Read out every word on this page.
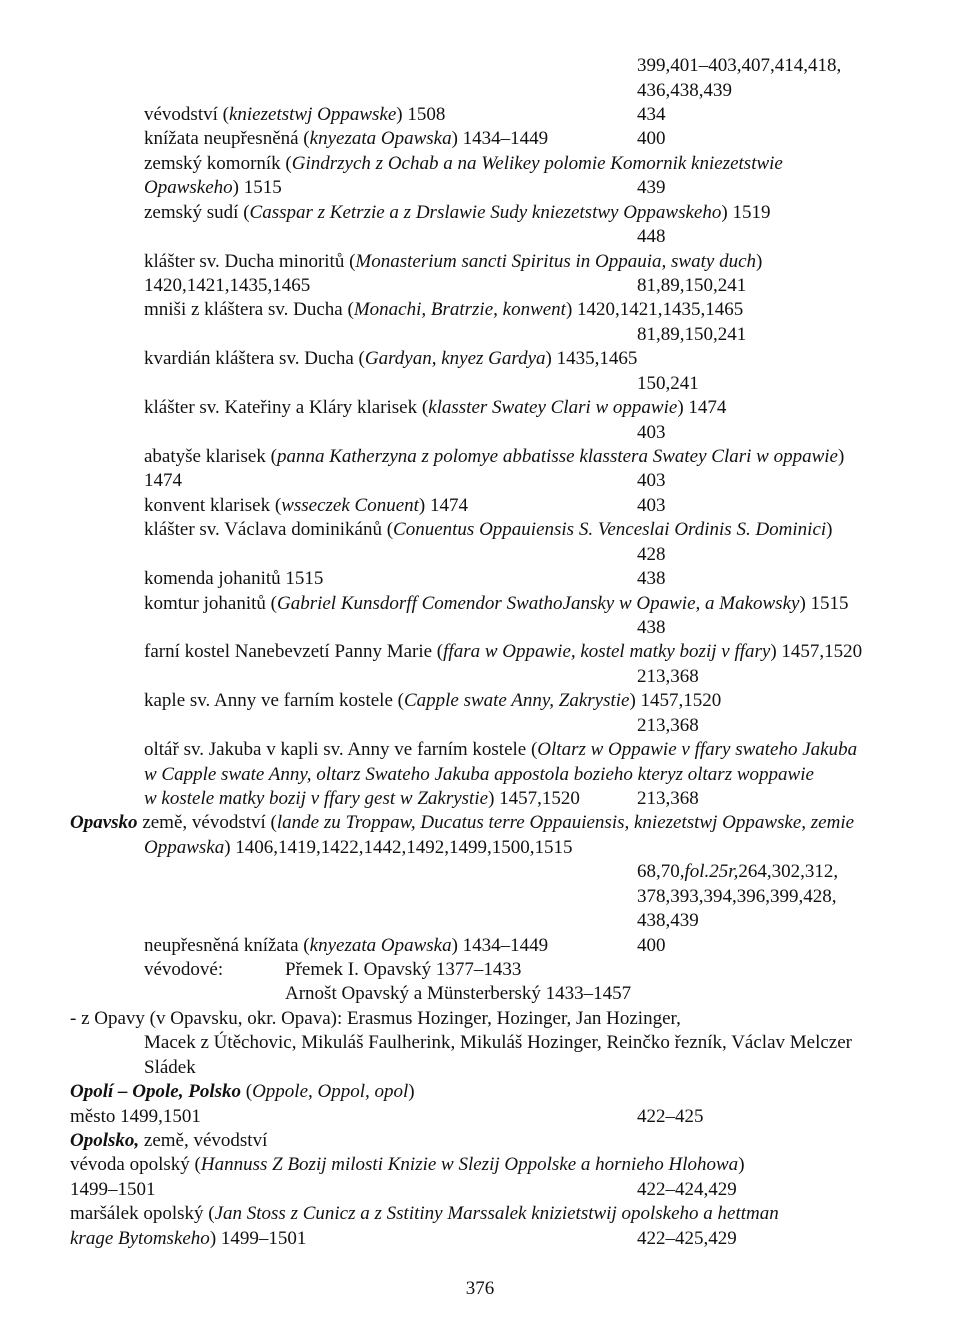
399,401–403,407,414,418,
436,438,439
vévodství (kniezetstwj Oppawske) 1508	434
knížata neupřesněná (knyezata Opawska) 1434–1449	400
zemský komorník (Gindrzych z Ochab a na Welikey polomie Komornik kniezetstwie
Opawskeho) 1515	439
zemský sudí (Casspar z Ketrzie a z Drslawie Sudy kniezetstwy Oppawskeho) 1519
448
klášter sv. Ducha minoritů (Monasterium sancti Spiritus in Oppauia, swaty duch)
1420,1421,1435,1465	81,89,150,241
mniši z kláštera sv. Ducha (Monachi, Bratrzie, konwent) 1420,1421,1435,1465
81,89,150,241
kvardián kláštera sv. Ducha (Gardyan, knyez Gardya) 1435,1465
150,241
klášter sv. Kateřiny a Kláry klarisek (klasster Swatey Clari w oppawie) 1474
403
abatyše klarisek (panna Katherzyna z polomye abbatisse klasstera Swatey Clari w oppawie)
1474	403
konvent klarisek (wsseczek Conuent) 1474	403
klášter sv. Václava dominikánů (Conuentus Oppauiensis S. Venceslai Ordinis S. Dominici)
428
komenda johanitů 1515	438
komtur johanitů (Gabriel Kunsdorff Comendor SwathoJansky w Opawie, a Makowsky) 1515
438
farní kostel Nanebevzetí Panny Marie (ffara w Oppawie, kostel matky bozij v ffary) 1457,1520
213,368
kaple sv. Anny ve farním kostele (Capple swate Anny, Zakrystie) 1457,1520
213,368
oltář sv. Jakuba v kapli sv. Anny ve farním kostele (Oltarz w Oppawie v ffary swateho Jakuba
w Capple swate Anny, oltarz Swateho Jakuba appostola bozieho kteryz oltarz woppawie
w kostele matky bozij v ffary gest w Zakrystie) 1457,1520	213,368
Opavsko země, vévodství (lande zu Troppaw, Ducatus terre Oppauiensis, kniezetstwj Oppawske, zemie
Oppawska) 1406,1419,1422,1442,1492,1499,1500,1515
68,70,fol.25r,264,302,312,
378,393,394,396,399,428,
438,439
neupřesněná knížata (knyezata Opawska) 1434–1449	400
vévodové:	Přemek I. Opavský 1377–1433
Arnošt Opavský a Münsterberský 1433–1457
- z Opavy (v Opavsku, okr. Opava): Erasmus Hozinger, Hozinger, Jan Hozinger,
Macek z Útěchovic, Mikuláš Faulherink, Mikuláš Hozinger, Reinčko řezník, Václav Melczer
Sládek
Opolí – Opole, Polsko (Oppole, Oppol, opol)
město 1499,1501	422–425
Opolsko, země, vévodství
vévoda opolský (Hannuss Z Bozij milosti Knizie w Slezij Oppolske a hornieho Hlohowa)
1499–1501	422–424,429
maršálek opolský (Jan Stoss z Cunicz a z Sstitiny Marssalek knizietstwij opolskeho a hettman
krage Bytomskeho) 1499–1501	422–425,429
376
